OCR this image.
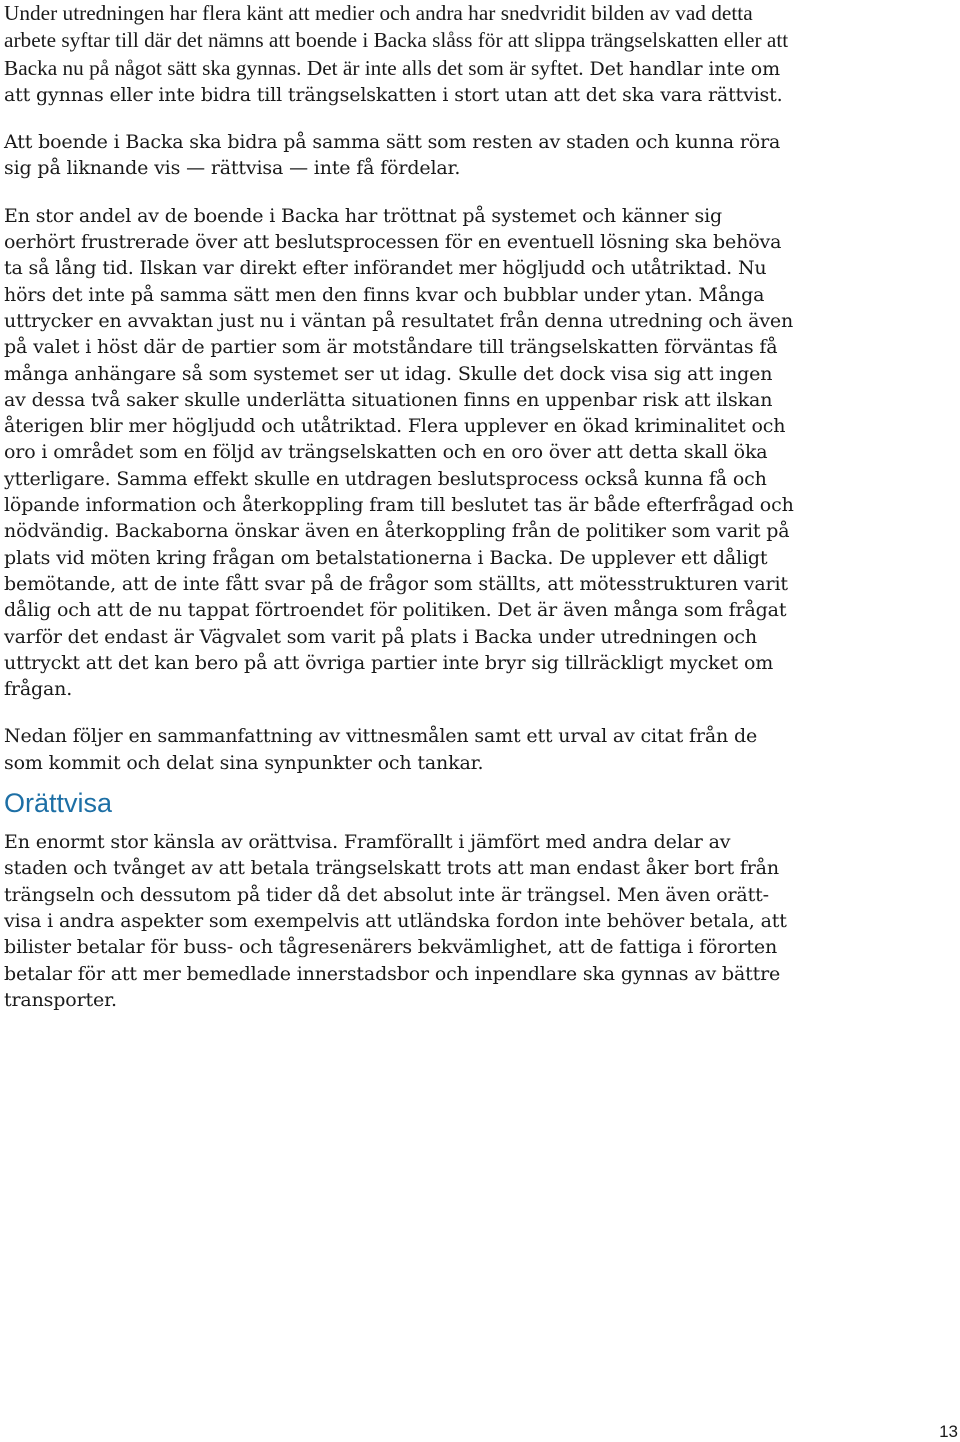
Under utredningen har flera känt att medier och andra har snedvridit bilden av vad detta arbete syftar till där det nämns att boende i Backa slåss för att slippa trängselskatten eller att Backa nu på något sätt ska gynnas. Det är inte alls det som är syftet. Det handlar inte om att gynnas eller inte bidra till trängselskatten i stort utan att det ska vara rättvist.

Att boende i Backa ska bidra på samma sätt som resten av staden och kunna röra sig på liknande vis — rättvisa — inte få fördelar.

En stor andel av de boende i Backa har tröttnat på systemet och känner sig oerhört frustrerade över att beslutsprocessen för en eventuell lösning ska behöva ta så lång tid. Ilskan var direkt efter införandet mer högljudd och utåtriktad. Nu hörs det inte på samma sätt men den finns kvar och bubblar under ytan. Många uttrycker en avvaktan just nu i väntan på resultatet från denna utredning och även på valet i höst där de partier som är motståndare till trängselskatten förväntas få många anhängare så som systemet ser ut idag. Skulle det dock visa sig att ingen av dessa två saker skulle underlätta situationen finns en uppenbar risk att ilskan återigen blir mer högljudd och utåtriktad. Flera upplever en ökad kriminalitet och oro i området som en följd av trängselskatten och en oro över att detta skall öka ytterligare. Samma effekt skulle en utdragen beslutsprocess också kunna få och löpande information och återkoppling fram till beslutet tas är både efterfrågad och nödvändig. Backaborna önskar även en återkoppling från de politiker som varit på plats vid möten kring frågan om betalstationerna i Backa. De upplever ett dåligt bemötande, att de inte fått svar på de frågor som ställts, att mötesstrukturen varit dålig och att de nu tappat förtroendet för politiken. Det är även många som frågat varför det endast är Vägvalet som varit på plats i Backa under utredningen och uttryckt att det kan bero på att övriga partier inte bryr sig tillräckligt mycket om frågan.

Nedan följer en sammanfattning av vittnesmålen samt ett urval av citat från de som kommit och delat sina synpunkter och tankar.

Orättvisa

En enormt stor känsla av orättvisa. Framförallt i jämfört med andra delar av staden och tvånget av att betala trängselskatt trots att man endast åker bort från trängseln och dessutom på tider då det absolut inte är trängsel. Men även orätt-visa i andra aspekter som exempelvis att utländska fordon inte behöver betala, att bilister betalar för buss- och tågresenärers bekvämlighet, att de fattiga i förorten betalar för att mer bemedlade innerstadsbor och inpendlare ska gynnas av bättre transporter.

13
